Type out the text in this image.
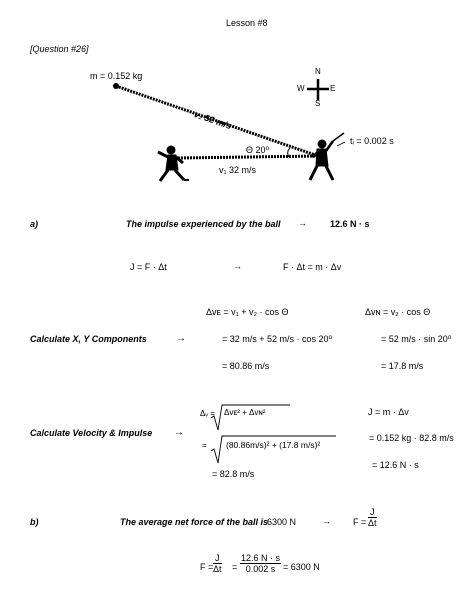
Lesson #8
[Question #26]
m = 0.152 kg
v₂ 52 m/s
Θ 20⁰
v₁ 32 m/s
tᵢ = 0.002 s
N
S
E
W
a)	The impulse experienced by the ball →	12.6 N · s
J = F · Δt	→	F · Δt = m · Δv
Δvᴇ = v₁ + v₂ · cos Θ	Δvɴ = v₂ · cos Θ
Calculate X, Y Components	→	= 32 m/s + 52 m/s · cos 20⁰	= 52 m/s · sin 20⁰
= 80.86 m/s	= 17.8 m/s
Δᵥ = Δvᴇ² + Δvɴ²	J = m · Δv
Calculate Velocity & Impulse →
= (80.86m/s)² + (17.8 m/s)²
= 0.152 kg · 82.8 m/s
= 12.6 N · s
= 82.8 m/s
b)	The average net force of the ball is
6300 N	→ $F = \frac{J}{\Delta t}$
$F = \frac{J}{\Delta t} = \frac{12.6 N \cdot s}{0.002 s} = 6300$ N
